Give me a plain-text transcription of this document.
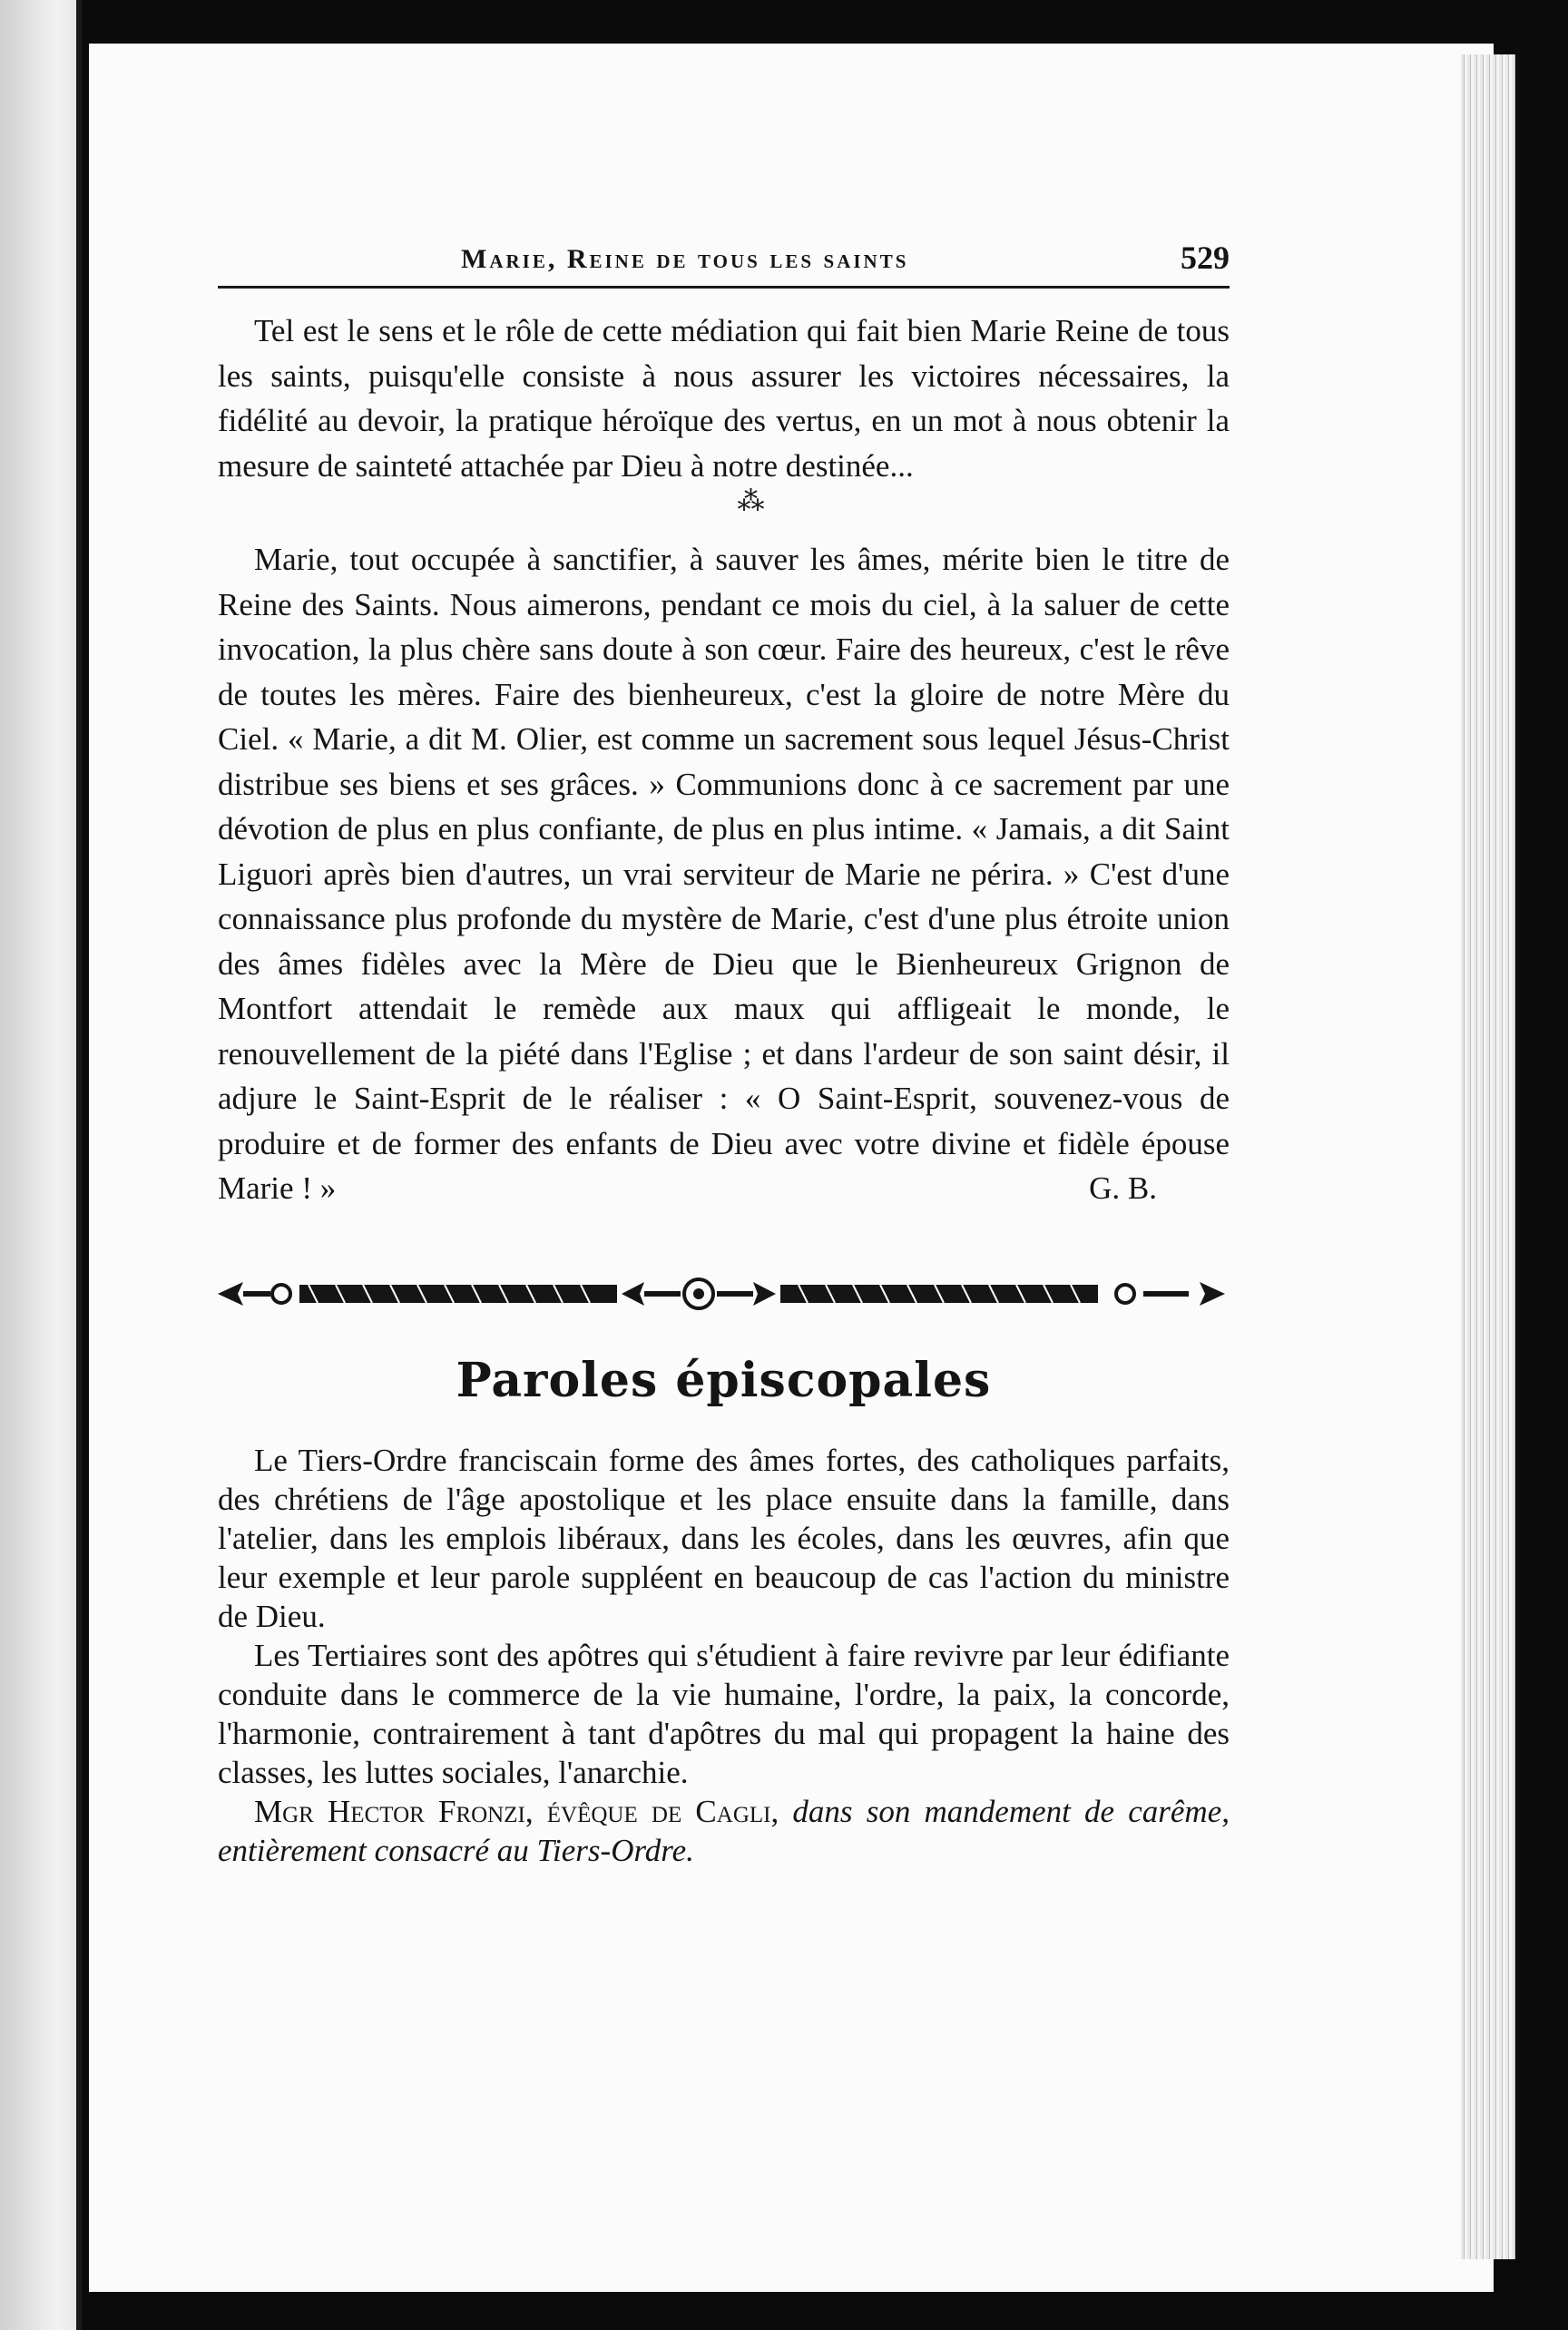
Marie, Reine de tous les saints	529

Tel est le sens et le rôle de cette médiation qui fait bien Marie Reine de tous les saints, puisqu'elle consiste à nous assurer les victoires nécessaires, la fidélité au devoir, la pratique héroïque des vertus, en un mot à nous obtenir la mesure de sainteté attachée par Dieu à notre destinée...

⁂

Marie, tout occupée à sanctifier, à sauver les âmes, mérite bien le titre de Reine des Saints. Nous aimerons, pendant ce mois du ciel, à la saluer de cette invocation, la plus chère sans doute à son cœur. Faire des heureux, c'est le rêve de toutes les mères. Faire des bienheureux, c'est la gloire de notre Mère du Ciel. « Marie, a dit M. Olier, est comme un sacrement sous lequel Jésus-Christ distribue ses biens et ses grâces. » Communions donc à ce sacrement par une dévotion de plus en plus confiante, de plus en plus intime. « Jamais, a dit Saint Liguori après bien d'autres, un vrai serviteur de Marie ne périra. » C'est d'une connaissance plus profonde du mystère de Marie, c'est d'une plus étroite union des âmes fidèles avec la Mère de Dieu que le Bienheureux Grignon de Montfort attendait le remède aux maux qui affligeait le monde, le renouvellement de la piété dans l'Eglise ; et dans l'ardeur de son saint désir, il adjure le Saint-Esprit de le réaliser : « O Saint-Esprit, souvenez-vous de produire et de former des enfants de Dieu avec votre divine et fidèle épouse Marie ! »	G. B.

Paroles épiscopales

Le Tiers-Ordre franciscain forme des âmes fortes, des catholiques parfaits, des chrétiens de l'âge apostolique et les place ensuite dans la famille, dans l'atelier, dans les emplois libéraux, dans les écoles, dans les œuvres, afin que leur exemple et leur parole suppléent en beaucoup de cas l'action du ministre de Dieu.

Les Tertiaires sont des apôtres qui s'étudient à faire revivre par leur édifiante conduite dans le commerce de la vie humaine, l'ordre, la paix, la concorde, l'harmonie, contrairement à tant d'apôtres du mal qui propagent la haine des classes, les luttes sociales, l'anarchie.

Mgr Hector Fronzi, évêque de Cagli, dans son mandement de carême, entièrement consacré au Tiers-Ordre.
